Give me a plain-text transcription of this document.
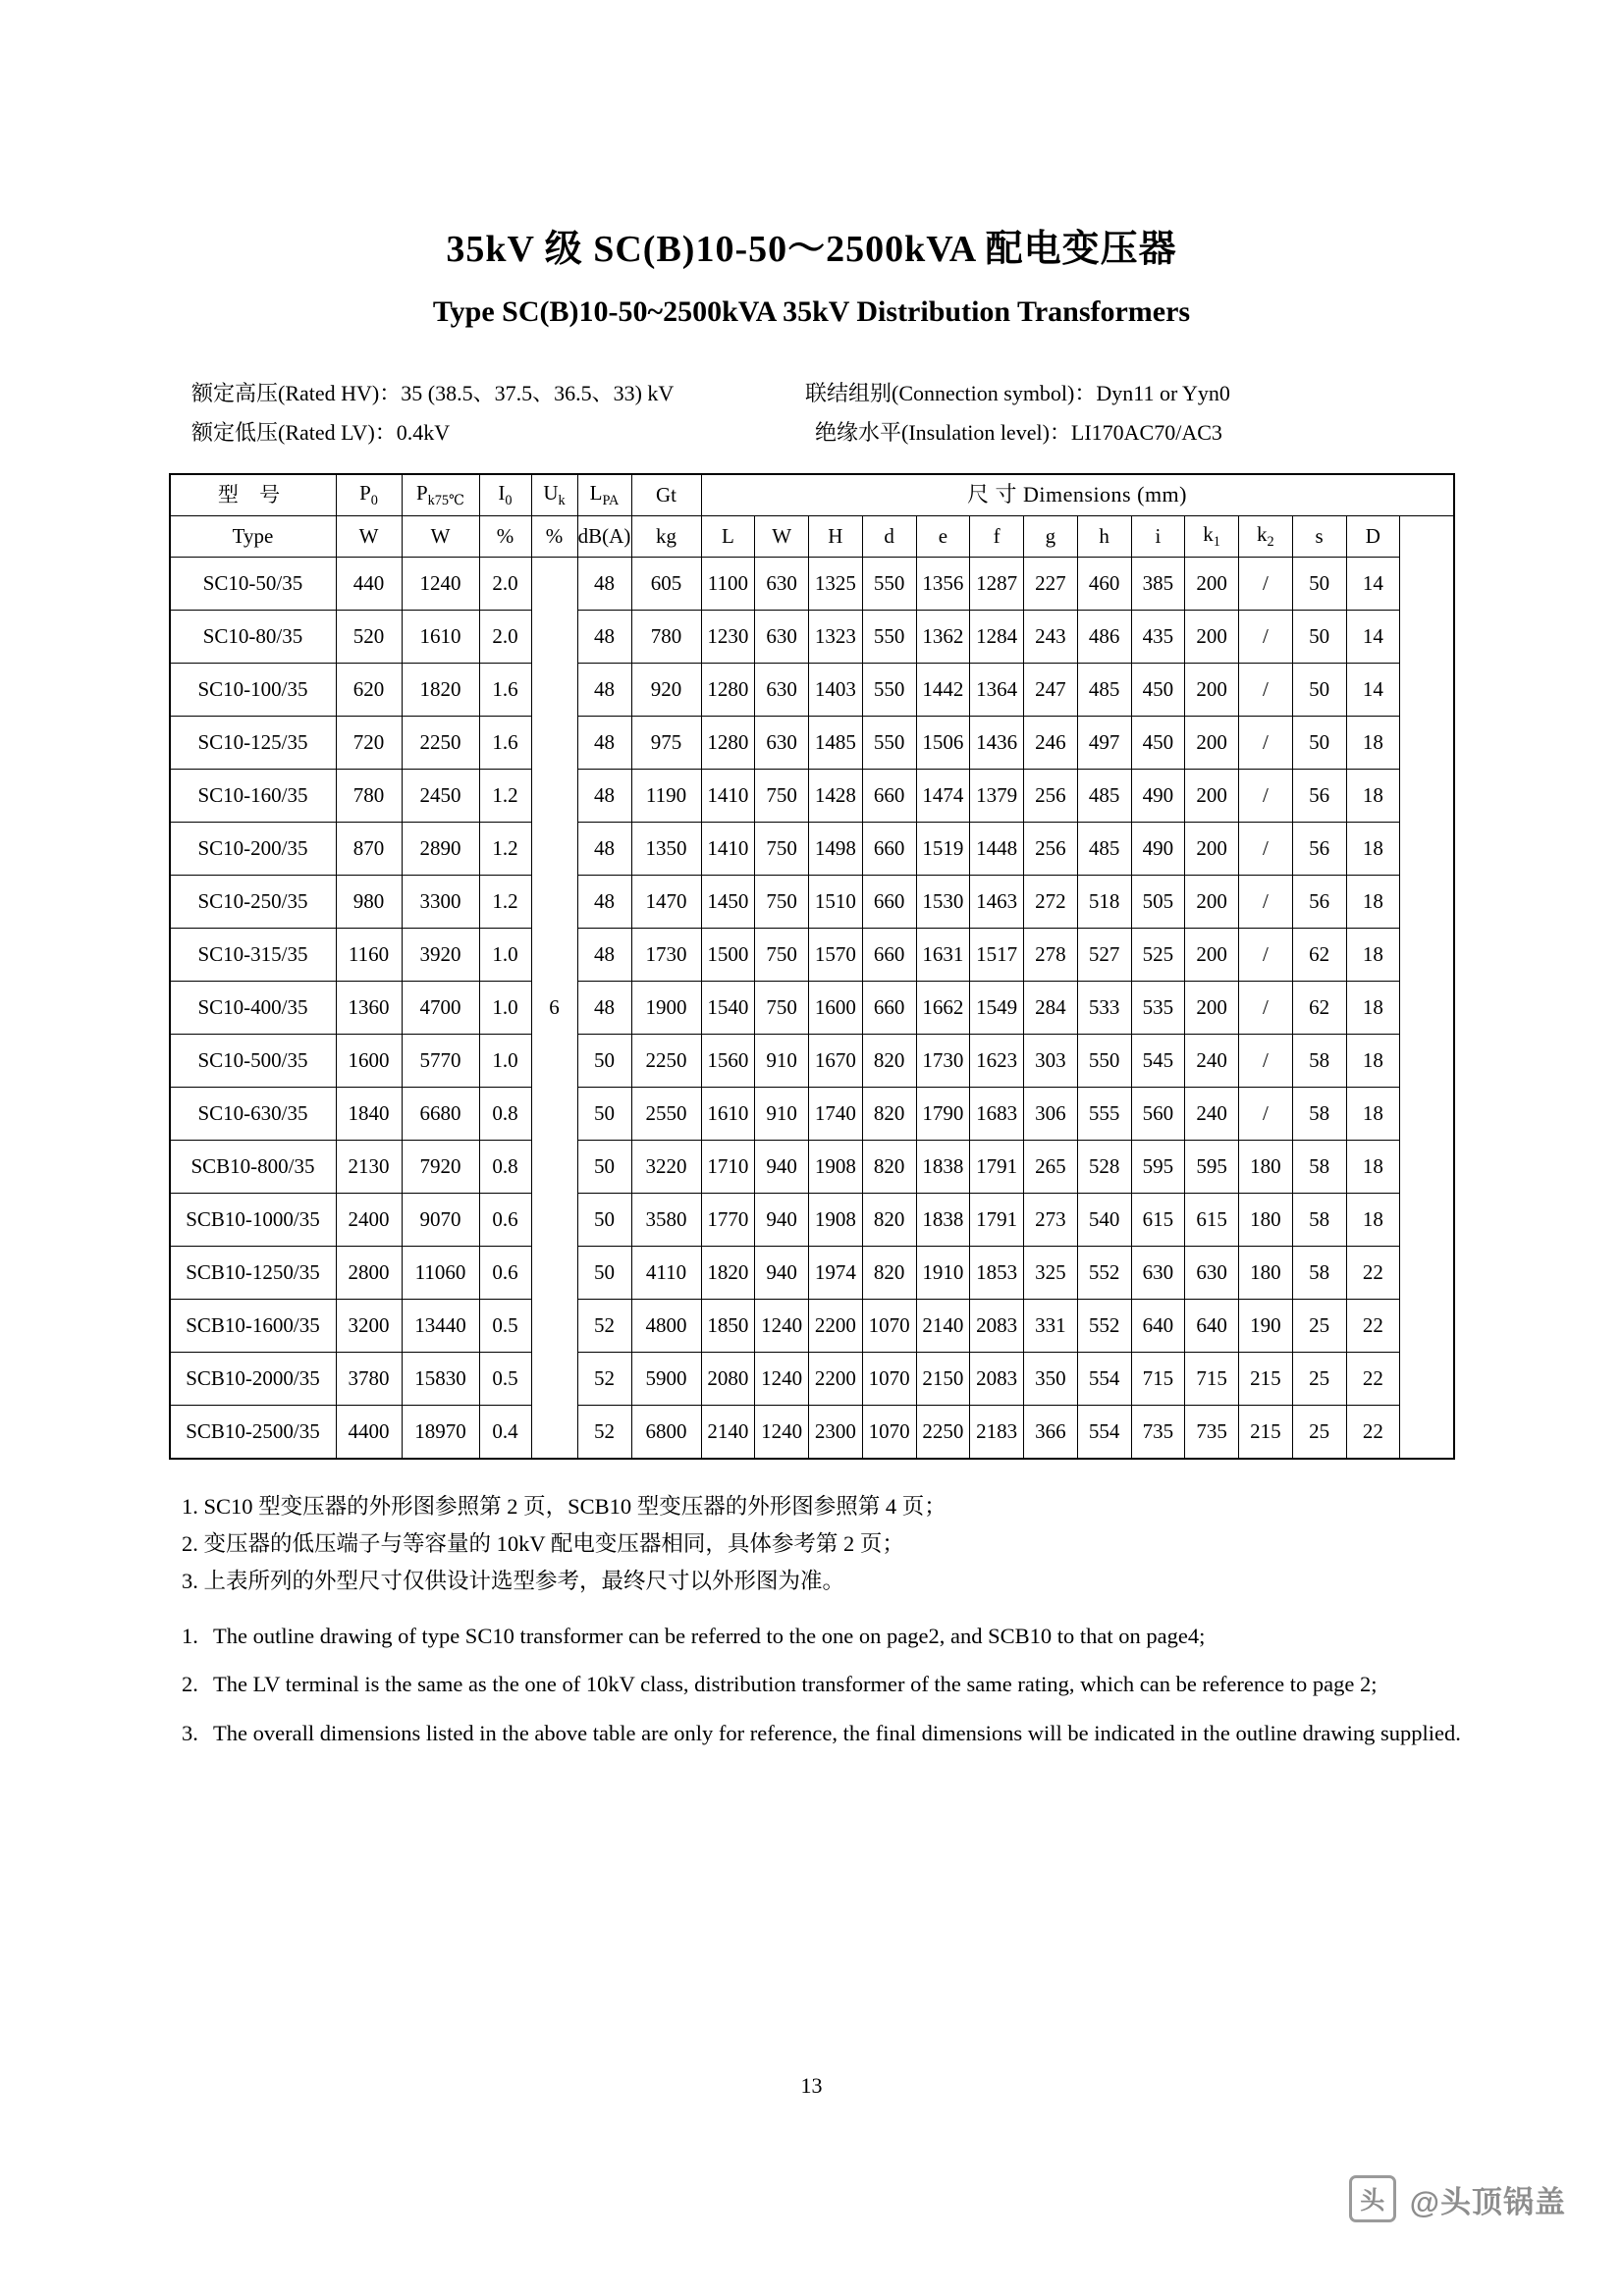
35kV 级 SC(B)10-50～2500kVA 配电变压器
Type SC(B)10-50~2500kVA 35kV Distribution Transformers
额定高压(Rated HV)：35 (38.5、37.5、36.5、33) kV	联结组别(Connection symbol)：Dyn11 or Yyn0
额定低压(Rated LV)：0.4kV	绝缘水平(Insulation level)：LI170AC70/AC3
型 号	$P_0$	$P_{k75℃}$	$I_0$	$U_k$	$L_{PA}$	Gt	尺 寸 Dimensions (mm)												
Type	W	W	%	%	dB(A)	kg	L	W	H	d	e	f	g	h	i	$k_1$	$k_2$	s	D
SC10-50/35	440	1240	2.0	6	48	605	1100	630	1325	550	1356	1287	227	460	385	200	/	50	14
SC10-80/35	520	1610	2.0		48	780	1230	630	1323	550	1362	1284	243	486	435	200	/	50	14
SC10-100/35	620	1820	1.6		48	920	1280	630	1403	550	1442	1364	247	485	450	200	/	50	14
SC10-125/35	720	2250	1.6		48	975	1280	630	1485	550	1506	1436	246	497	450	200	/	50	18
SC10-160/35	780	2450	1.2		48	1190	1410	750	1428	660	1474	1379	256	485	490	200	/	56	18
SC10-200/35	870	2890	1.2		48	1350	1410	750	1498	660	1519	1448	256	485	490	200	/	56	18
SC10-250/35	980	3300	1.2		48	1470	1450	750	1510	660	1530	1463	272	518	505	200	/	56	18
SC10-315/35	1160	3920	1.0		48	1730	1500	750	1570	660	1631	1517	278	527	525	200	/	62	18
SC10-400/35	1360	4700	1.0		48	1900	1540	750	1600	660	1662	1549	284	533	535	200	/	62	18
SC10-500/35	1600	5770	1.0		50	2250	1560	910	1670	820	1730	1623	303	550	545	240	/	58	18
SC10-630/35	1840	6680	0.8		50	2550	1610	910	1740	820	1790	1683	306	555	560	240	/	58	18
SCB10-800/35	2130	7920	0.8		50	3220	1710	940	1908	820	1838	1791	265	528	595	595	180	58	18
SCB10-1000/35	2400	9070	0.6		50	3580	1770	940	1908	820	1838	1791	273	540	615	615	180	58	18
SCB10-1250/35	2800	11060	0.6		50	4110	1820	940	1974	820	1910	1853	325	552	630	630	180	58	22
SCB10-1600/35	3200	13440	0.5		52	4800	1850	1240	2200	1070	2140	2083	331	552	640	640	190	25	22
SCB10-2000/35	3780	15830	0.5		52	5900	2080	1240	2200	1070	2150	2083	350	554	715	715	215	25	22
SCB10-2500/35	4400	18970	0.4		52	6800	2140	1240	2300	1070	2250	2183	366	554	735	735	215	25	22
1. SC10 型变压器的外形图参照第 2 页，SCB10 型变压器的外形图参照第 4 页；
2. 变压器的低压端子与等容量的 10kV 配电变压器相同，具体参考第 2 页；
3. 上表所列的外型尺寸仅供设计选型参考，最终尺寸以外形图为准。
1. The outline drawing of type SC10 transformer can be referred to the one on page2, and SCB10 to that on page4;
2. The LV terminal is the same as the one of 10kV class, distribution transformer of the same rating, which can be reference to page 2;
3. The overall dimensions listed in the above table are only for reference, the final dimensions will be indicated in the outline drawing supplied.
13
头 @头顶锅盖
